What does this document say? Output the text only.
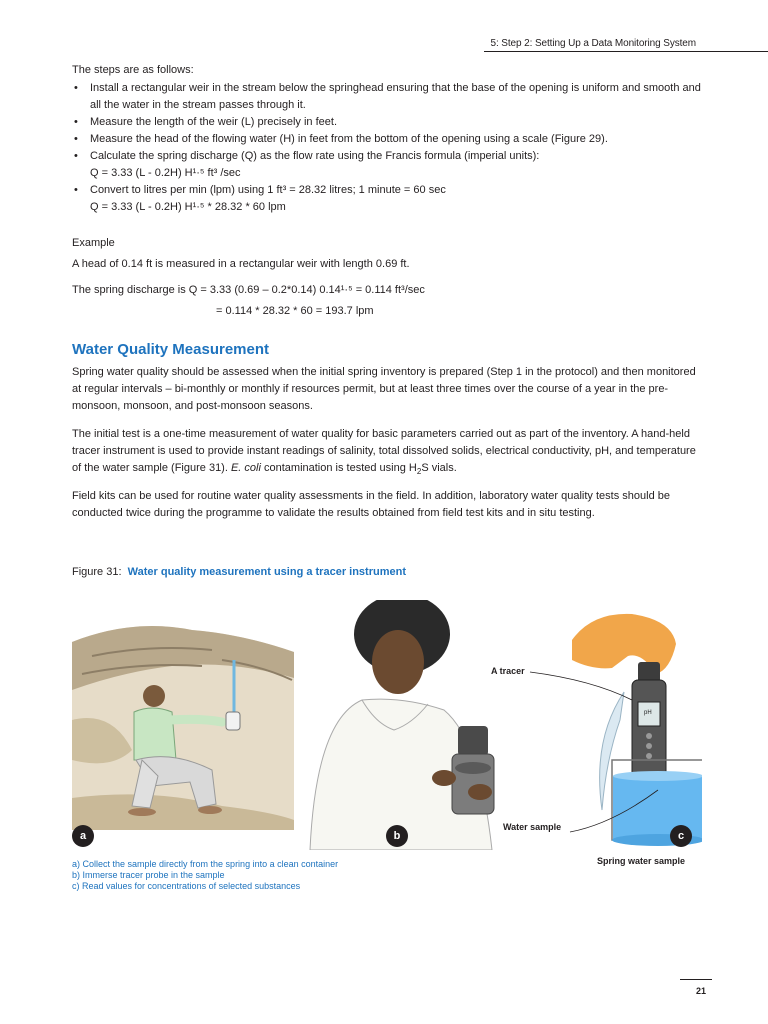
5: Step 2: Setting Up a Data Monitoring System
The steps are as follows:
• Install a rectangular weir in the stream below the springhead ensuring that the base of the opening is uniform and smooth and all the water in the stream passes through it.
• Measure the length of the weir (L) precisely in feet.
• Measure the head of the flowing water (H) in feet from the bottom of the opening using a scale (Figure 29).
• Calculate the spring discharge (Q) as the flow rate using the Francis formula (imperial units):
Q = 3.33 (L - 0.2H) H¹·⁵ ft³ /sec
• Convert to litres per min (lpm) using 1 ft³ = 28.32 litres; 1 minute = 60 sec
Q = 3.33 (L - 0.2H) H¹·⁵ * 28.32 * 60 lpm
Example
A head of 0.14 ft is measured in a rectangular weir with length 0.69 ft.
The spring discharge is Q = 3.33 (0.69 – 0.2*0.14) 0.14¹·⁵ = 0.114 ft³/sec
= 0.114 * 28.32 * 60 = 193.7 lpm
Water Quality Measurement
Spring water quality should be assessed when the initial spring inventory is prepared (Step 1 in the protocol) and then monitored at regular intervals – bi-monthly or monthly if resources permit, but at least three times over the course of a year in the pre-monsoon, monsoon, and post-monsoon seasons.
The initial test is a one-time measurement of water quality for basic parameters carried out as part of the inventory. A hand-held tracer instrument is used to provide instant readings of salinity, total dissolved solids, electrical conductivity, pH, and temperature of the water sample (Figure 31). E. coli contamination is tested using $H_2S$ vials.
Field kits can be used for routine water quality assessments in the field. In addition, laboratory water quality tests should be conducted twice during the programme to validate the results obtained from field test kits and in situ testing.
Figure 31: Water quality measurement using a tracer instrument
pH
A tracer
Water sample
Spring water sample
a	b	c
a) Collect the sample directly from the spring into a clean container
b) Immerse tracer probe in the sample
c) Read values for concentrations of selected substances
21
